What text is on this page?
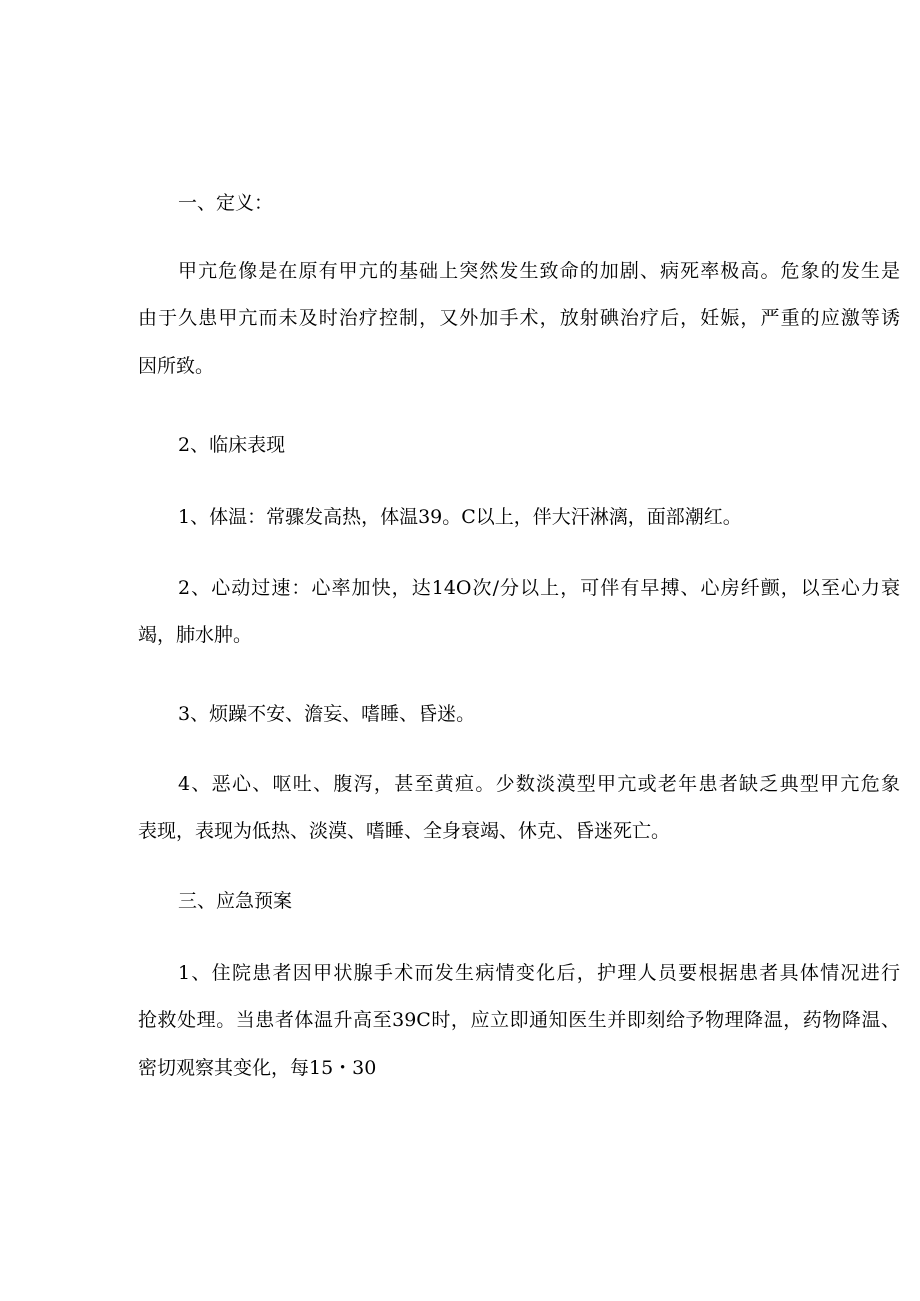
一、定义：
甲亢危像是在原有甲亢的基础上突然发生致命的加剧、病死率极高。危象的发生是
由于久患甲亢而未及时治疗控制，又外加手术，放射碘治疗后，妊娠，严重的应激等诱
因所致。
2、临床表现
1、体温：常骤发高热，体温39。C以上，伴大汗淋漓，面部潮红。
2、心动过速：心率加快，达14O次/分以上，可伴有早搏、心房纤颤，以至心力衰
竭，肺水肿。
3、烦躁不安、澹妄、嗜睡、昏迷。
4、恶心、呕吐、腹泻，甚至黄疸。少数淡漠型甲亢或老年患者缺乏典型甲亢危象
表现，表现为低热、淡漠、嗜睡、全身衰竭、休克、昏迷死亡。
三、应急预案
1、住院患者因甲状腺手术而发生病情变化后，护理人员要根据患者具体情况进行
抢救处理。当患者体温升高至39C时，应立即通知医生并即刻给予物理降温，药物降温、
密切观察其变化，每15・30
